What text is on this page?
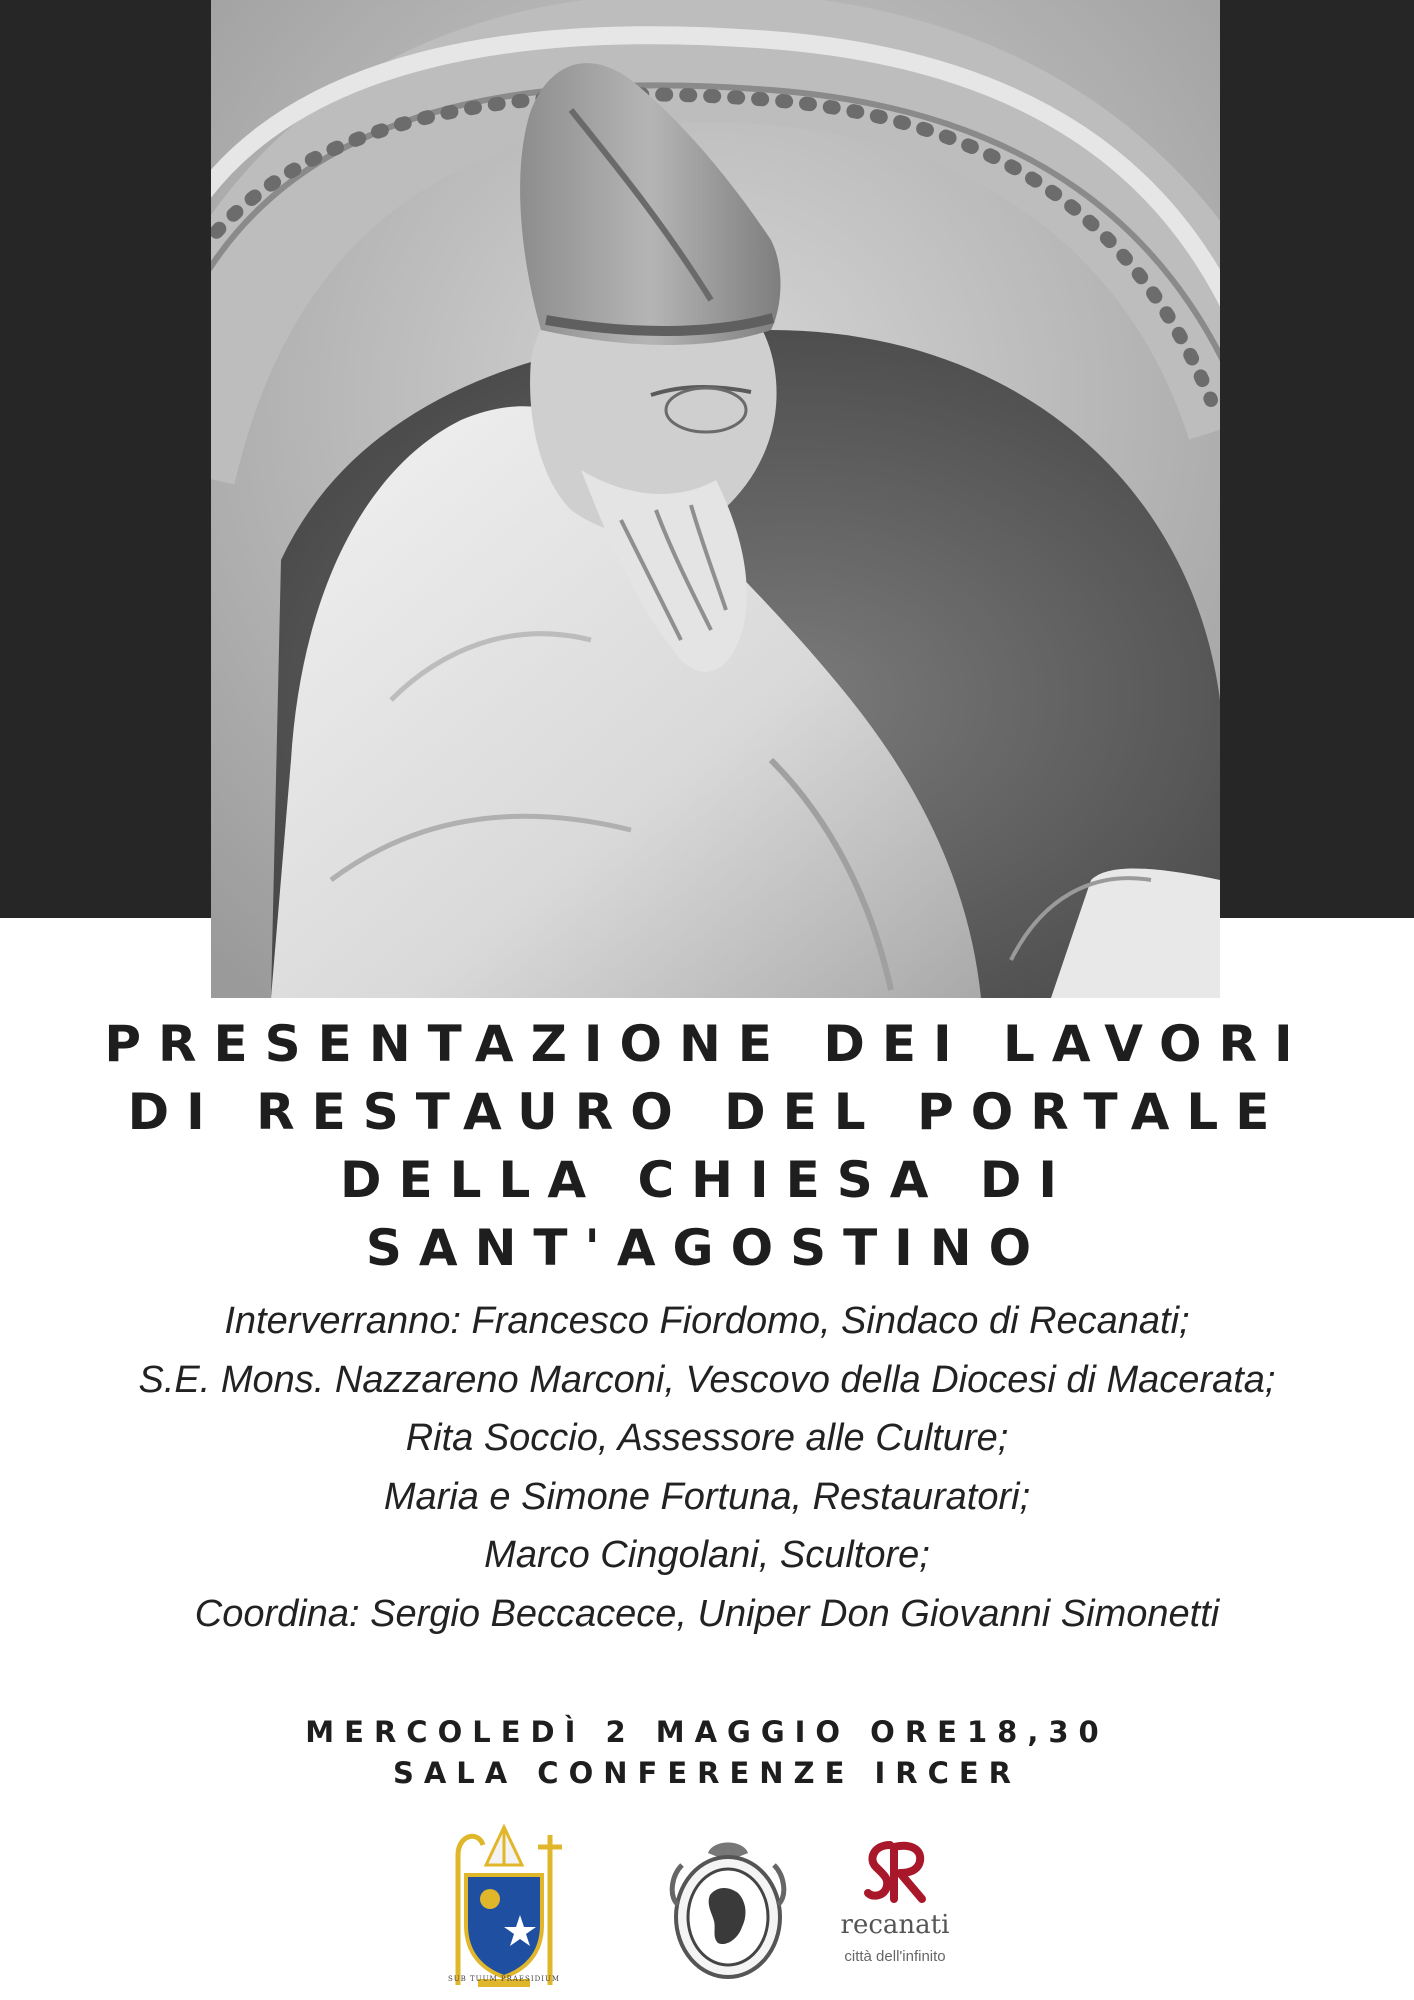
PRESENTAZIONE DEI LAVORI
DI RESTAURO DEL PORTALE
DELLA CHIESA DI
SANT'AGOSTINO
Interverranno: Francesco Fiordomo, Sindaco di Recanati;
S.E. Mons. Nazzareno Marconi, Vescovo della Diocesi di Macerata;
Rita Soccio, Assessore alle Culture;
Maria e Simone Fortuna, Restauratori;
Marco Cingolani, Scultore;
Coordina: Sergio Beccacece, Uniper Don Giovanni Simonetti
MERCOLEDÌ 2 MAGGIO ORE18,30
SALA CONFERENZE IRCER
SUB TUUM PRAESIDIUM
recanati
città dell'infinito
